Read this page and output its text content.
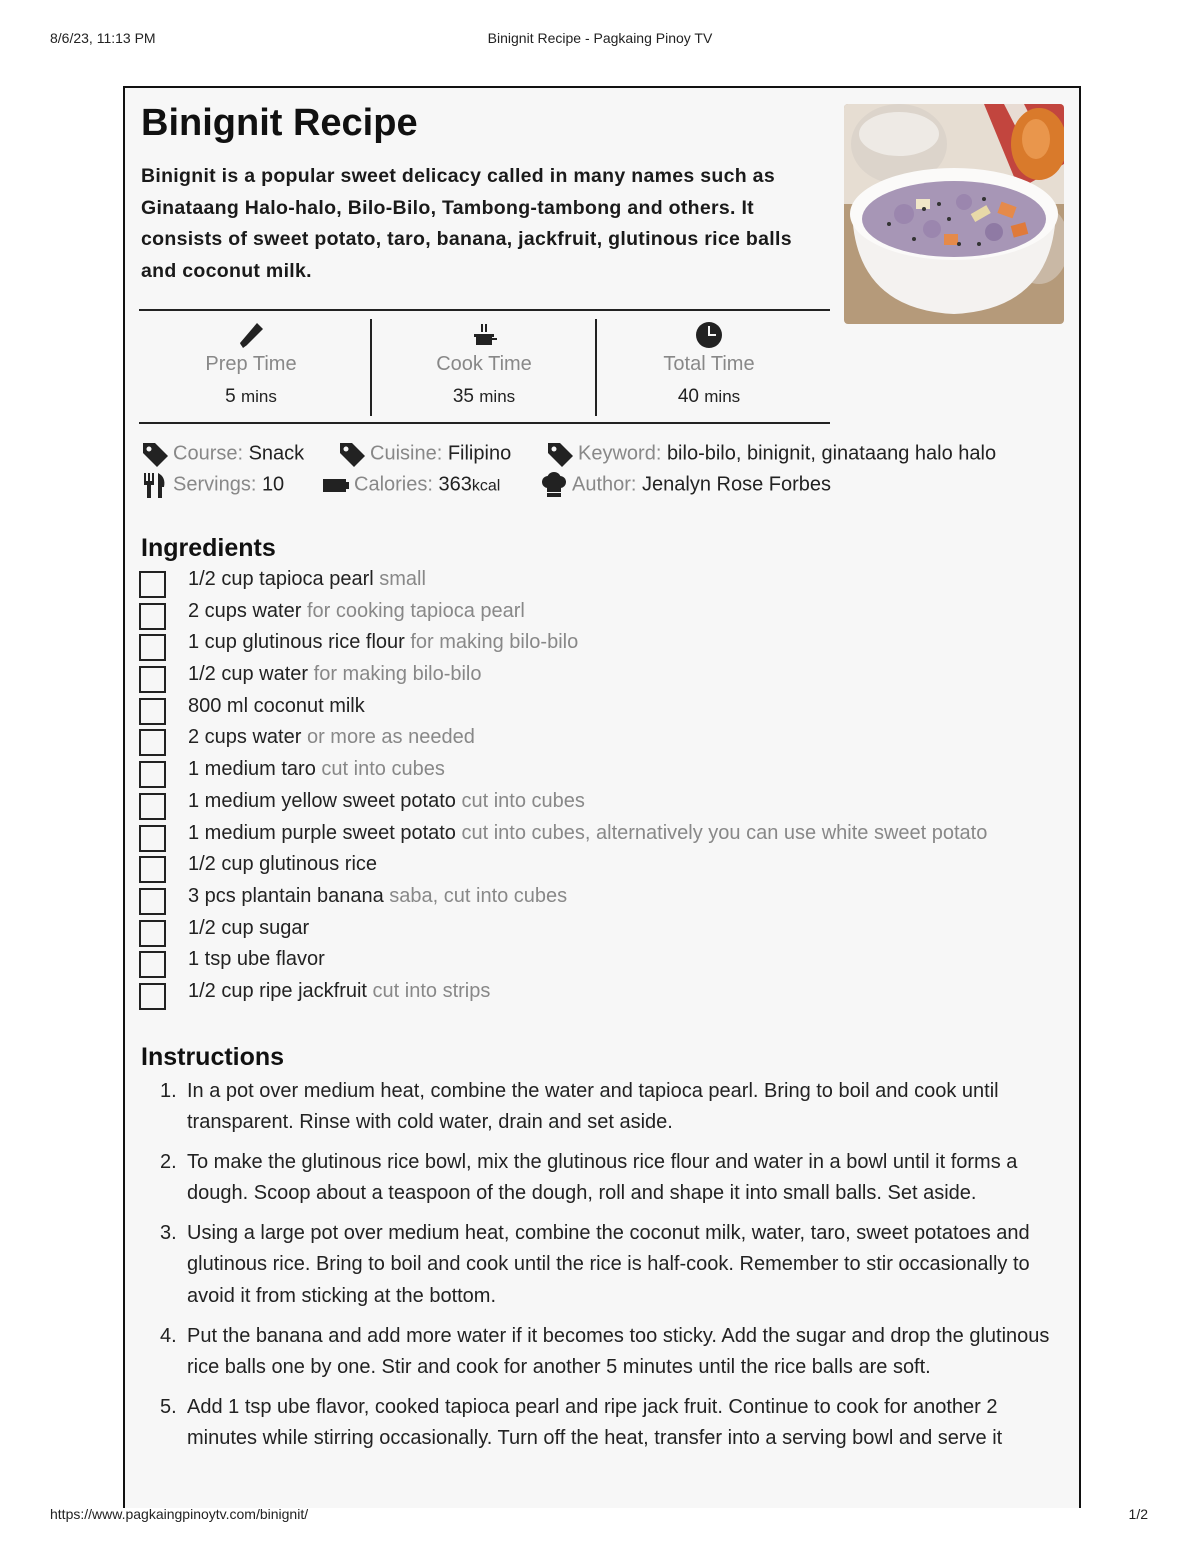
Binignit Recipe - Pagkaing Pinoy TV
8/6/23, 11:13 PM
Binignit Recipe
Binignit is a popular sweet delicacy called in many names such as Ginataang Halo-halo, Bilo-Bilo, Tambong-tambong and others. It consists of sweet potato, taro, banana, jackfruit, glutinous rice balls and coconut milk.
Prep Time
5 mins
Cook Time
35 mins
Total Time
40 mins
Course: Snack	Cuisine: Filipino	Keyword: bilo-bilo, binignit, ginataang halo halo
Servings: 10	Calories: 363kcal	Author: Jenalyn Rose Forbes
Ingredients
1/2 cup tapioca pearl small
2 cups water for cooking tapioca pearl
1 cup glutinous rice flour for making bilo-bilo
1/2 cup water for making bilo-bilo
800 ml coconut milk
2 cups water or more as needed
1 medium taro cut into cubes
1 medium yellow sweet potato cut into cubes
1 medium purple sweet potato cut into cubes, alternatively you can use white sweet potato
1/2 cup glutinous rice
3 pcs plantain banana saba, cut into cubes
1/2 cup sugar
1 tsp ube flavor
1/2 cup ripe jackfruit cut into strips
Instructions
1. In a pot over medium heat, combine the water and tapioca pearl. Bring to boil and cook until transparent. Rinse with cold water, drain and set aside.
2. To make the glutinous rice bowl, mix the glutinous rice flour and water in a bowl until it forms a dough. Scoop about a teaspoon of the dough, roll and shape it into small balls. Set aside.
3. Using a large pot over medium heat, combine the coconut milk, water, taro, sweet potatoes and glutinous rice. Bring to boil and cook until the rice is half-cook. Remember to stir occasionally to avoid it from sticking at the bottom.
4. Put the banana and add more water if it becomes too sticky. Add the sugar and drop the glutinous rice balls one by one. Stir and cook for another 5 minutes until the rice balls are soft.
5. Add 1 tsp ube flavor, cooked tapioca pearl and ripe jack fruit. Continue to cook for another 2 minutes while stirring occasionally. Turn off the heat, transfer into a serving bowl and serve it
https://www.pagkaingpinoytv.com/binignit/	1/2
